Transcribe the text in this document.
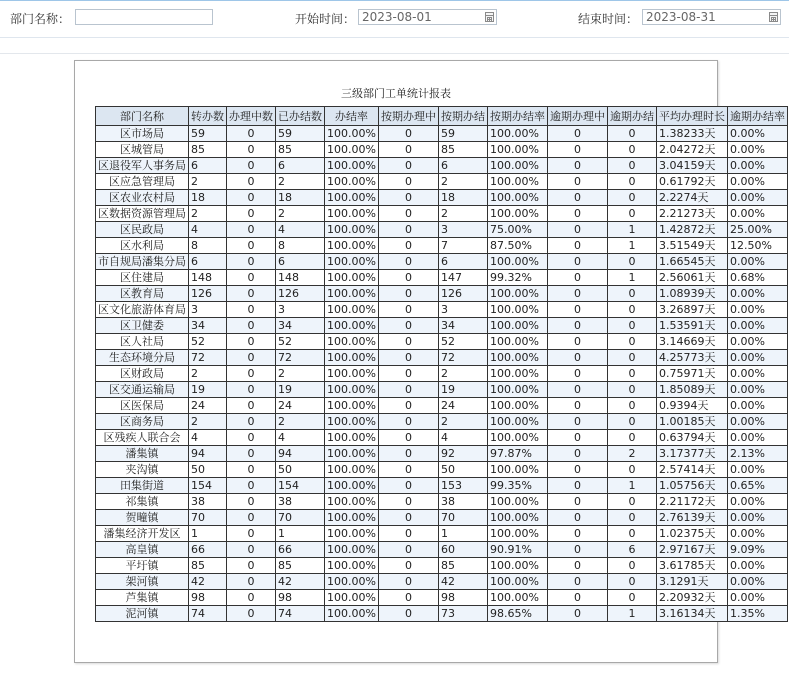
部门名称：	开始时间： 2023-08-01	结束时间： 2023-08-31
三级部门工单统计报表
部门名称	转办数	办理中数	已办结数	办结率	按期办理中	按期办结	按期办结率	逾期办理中	逾期办结	平均办理时长	逾期办结率
区市场局	59	0	59	100.00%	0	59	100.00%	0	0	1.38233天	0.00%
区城管局	85	0	85	100.00%	0	85	100.00%	0	0	2.04272天	0.00%
区退役军人事务局	6	0	6	100.00%	0	6	100.00%	0	0	3.04159天	0.00%
区应急管理局	2	0	2	100.00%	0	2	100.00%	0	0	0.61792天	0.00%
区农业农村局	18	0	18	100.00%	0	18	100.00%	0	0	2.2274天	0.00%
区数据资源管理局	2	0	2	100.00%	0	2	100.00%	0	0	2.21273天	0.00%
区民政局	4	0	4	100.00%	0	3	75.00%	0	1	1.42872天	25.00%
区水利局	8	0	8	100.00%	0	7	87.50%	0	1	3.51549天	12.50%
市自规局潘集分局	6	0	6	100.00%	0	6	100.00%	0	0	1.66545天	0.00%
区住建局	148	0	148	100.00%	0	147	99.32%	0	1	2.56061天	0.68%
区教育局	126	0	126	100.00%	0	126	100.00%	0	0	1.08939天	0.00%
区文化旅游体育局	3	0	3	100.00%	0	3	100.00%	0	0	3.26897天	0.00%
区卫健委	34	0	34	100.00%	0	34	100.00%	0	0	1.53591天	0.00%
区人社局	52	0	52	100.00%	0	52	100.00%	0	0	3.14669天	0.00%
生态环境分局	72	0	72	100.00%	0	72	100.00%	0	0	4.25773天	0.00%
区财政局	2	0	2	100.00%	0	2	100.00%	0	0	0.75971天	0.00%
区交通运输局	19	0	19	100.00%	0	19	100.00%	0	0	1.85089天	0.00%
区医保局	24	0	24	100.00%	0	24	100.00%	0	0	0.9394天	0.00%
区商务局	2	0	2	100.00%	0	2	100.00%	0	0	1.00185天	0.00%
区残疾人联合会	4	0	4	100.00%	0	4	100.00%	0	0	0.63794天	0.00%
潘集镇	94	0	94	100.00%	0	92	97.87%	0	2	3.17377天	2.13%
夹沟镇	50	0	50	100.00%	0	50	100.00%	0	0	2.57414天	0.00%
田集街道	154	0	154	100.00%	0	153	99.35%	0	1	1.05756天	0.65%
祁集镇	38	0	38	100.00%	0	38	100.00%	0	0	2.21172天	0.00%
贺疃镇	70	0	70	100.00%	0	70	100.00%	0	0	2.76139天	0.00%
潘集经济开发区	1	0	1	100.00%	0	1	100.00%	0	0	1.02375天	0.00%
高皇镇	66	0	66	100.00%	0	60	90.91%	0	6	2.97167天	9.09%
平圩镇	85	0	85	100.00%	0	85	100.00%	0	0	3.61785天	0.00%
架河镇	42	0	42	100.00%	0	42	100.00%	0	0	3.1291天	0.00%
芦集镇	98	0	98	100.00%	0	98	100.00%	0	0	2.20932天	0.00%
泥河镇	74	0	74	100.00%	0	73	98.65%	0	1	3.16134天	1.35%
